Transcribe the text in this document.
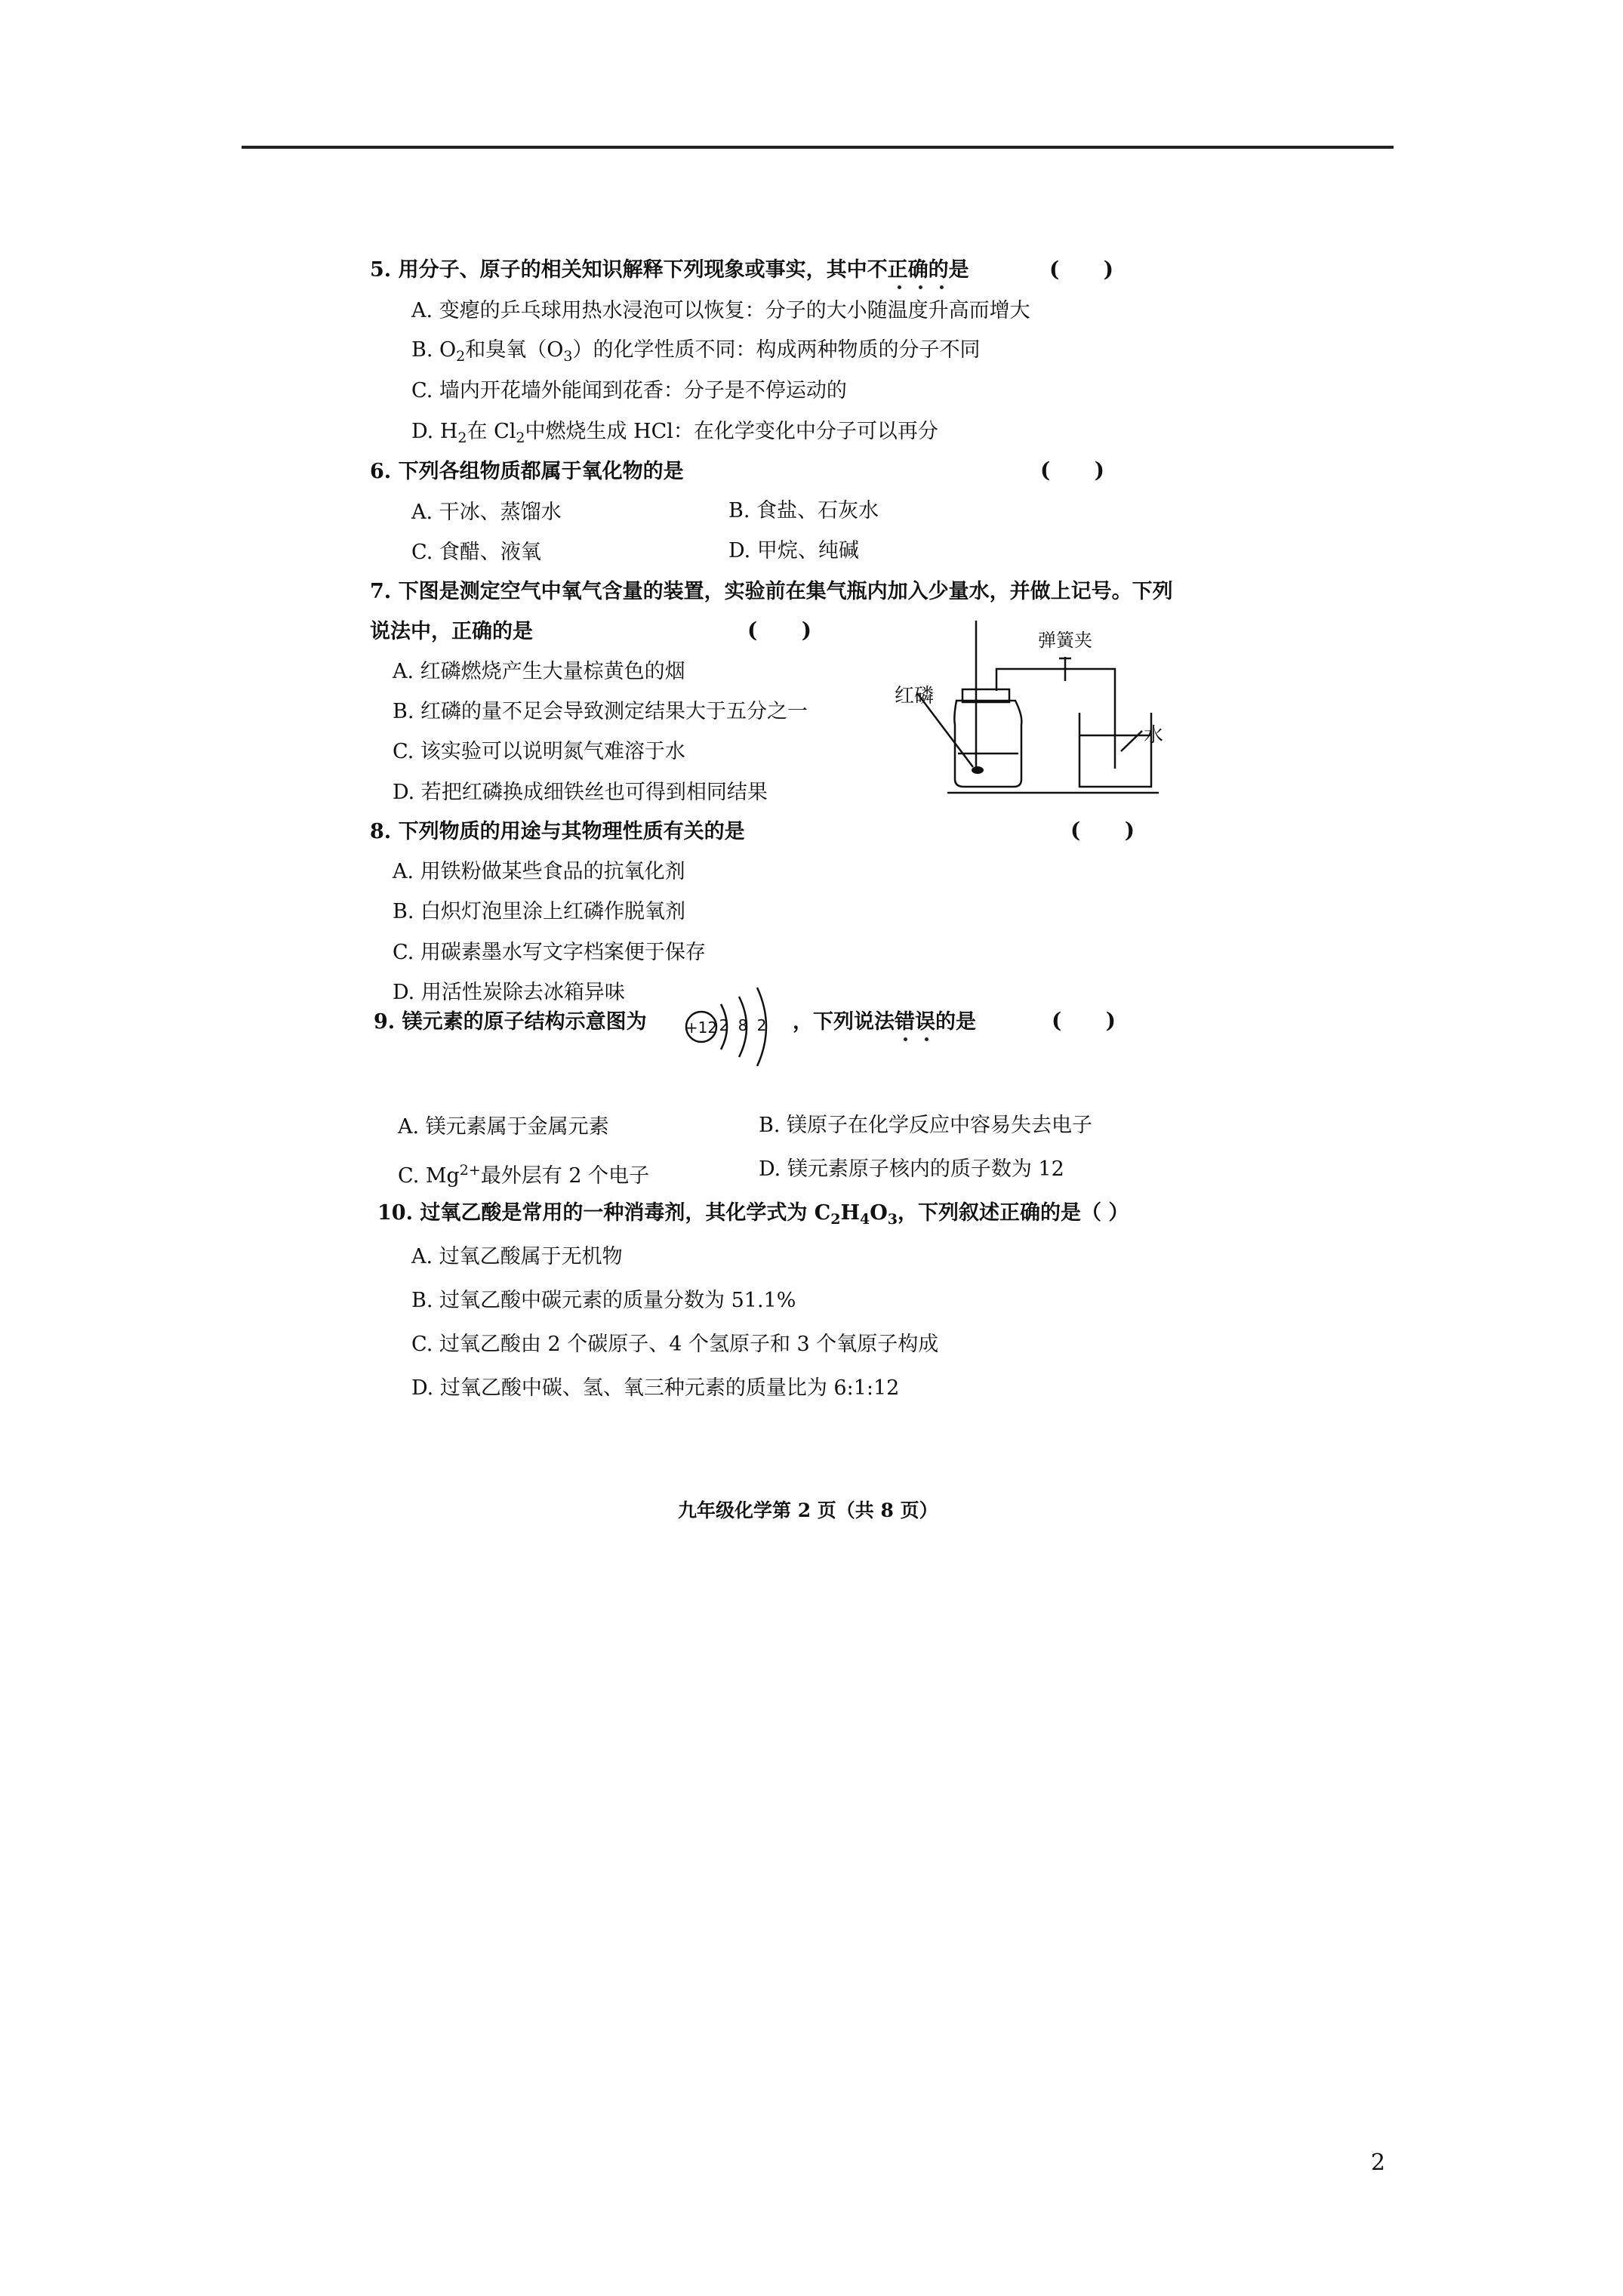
5. 用分子、原子的相关知识解释下列现象或事实，其中不正确的是	(      )
A. 变瘪的乒乓球用热水浸泡可以恢复：分子的大小随温度升高而增大
B. $O_2$和臭氧$(O_3)$的化学性质不同：构成两种物质的分子不同
C. 墙内开花墙外能闻到花香：分子是不停运动的
D. $H_2$在 $Cl_2$中燃烧生成 HCl：在化学变化中分子可以再分
6. 下列各组物质都属于氧化物的是	(      )
A. 干冰、蒸馏水	B. 食盐、石灰水
C. 食醋、液氧	D. 甲烷、纯碱
7. 下图是测定空气中氧气含量的装置，实验前在集气瓶内加入少量水，并做上记号。下列
说法中，正确的是	(      )
A. 红磷燃烧产生大量棕黄色的烟
B. 红磷的量不足会导致测定结果大于五分之一
C. 该实验可以说明氮气难溶于水
D. 若把红磷换成细铁丝也可得到相同结果
弹簧夹
红磷
水
8. 下列物质的用途与其物理性质有关的是	(      )
A. 用铁粉做某些食品的抗氧化剂
B. 白炽灯泡里涂上红磷作脱氧剂
C. 用碳素墨水写文字档案便于保存
D. 用活性炭除去冰箱异味
9. 镁元素的原子结构示意图为	+12 2 8 2 ，下列说法错误的是	(      )
A. 镁元素属于金属元素	B. 镁原子在化学反应中容易失去电子
C. $Mg^{2+}$最外层有 2 个电子	D. 镁元素原子核内的质子数为 12
10. 过氧乙酸是常用的一种消毒剂，其化学式为 $C_2H_4O_3$，下列叙述正确的是（ ）
A. 过氧乙酸属于无机物
B. 过氧乙酸中碳元素的质量分数为 51.1%
C. 过氧乙酸由 2 个碳原子、4 个氢原子和 3 个氧原子构成
D. 过氧乙酸中碳、氢、氧三种元素的质量比为 6:1:12
九年级化学第 2 页（共 8 页）
2
